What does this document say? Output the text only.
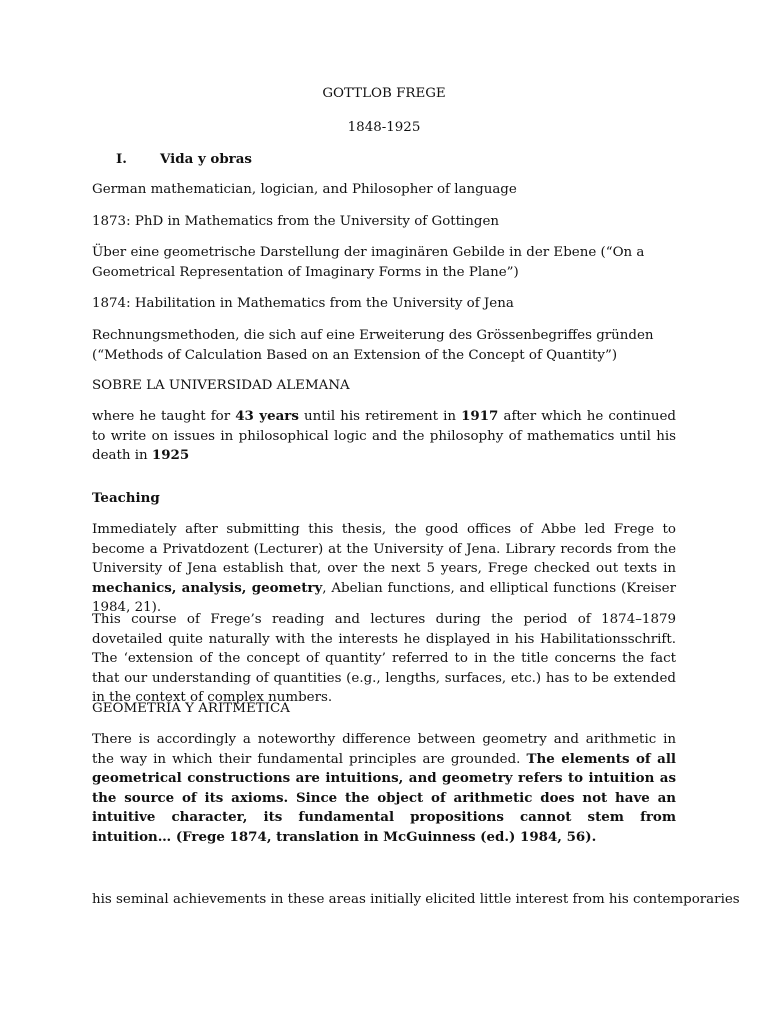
GOTTLOB FREGE
1848-1925
I. Vida y obras
German mathematician, logician, and Philosopher of language
1873: PhD in Mathematics from the University of Gottingen
Über eine geometrische Darstellung der imaginären Gebilde in der Ebene (“On a Geometrical Representation of Imaginary Forms in the Plane”)
1874: Habilitation in Mathematics from the University of Jena
Rechnungsmethoden, die sich auf eine Erweiterung des Grössenbegriffes gründen (“Methods of Calculation Based on an Extension of the Concept of Quantity”)
SOBRE LA UNIVERSIDAD ALEMANA
where he taught for 43 years until his retirement in 1917 after which he continued to write on issues in philosophical logic and the philosophy of mathematics until his death in 1925
Teaching
Immediately after submitting this thesis, the good offices of Abbe led Frege to become a Privatdozent (Lecturer) at the University of Jena. Library records from the University of Jena establish that, over the next 5 years, Frege checked out texts in mechanics, analysis, geometry, Abelian functions, and elliptical functions (Kreiser 1984, 21).
This course of Frege’s reading and lectures during the period of 1874–1879 dovetailed quite naturally with the interests he displayed in his Habilitationsschrift. The ‘extension of the concept of quantity’ referred to in the title concerns the fact that our understanding of quantities (e.g., lengths, surfaces, etc.) has to be extended in the context of complex numbers.
GEOMETRÍA Y ARITMÉTICA
There is accordingly a noteworthy difference between geometry and arithmetic in the way in which their fundamental principles are grounded. The elements of all geometrical constructions are intuitions, and geometry refers to intuition as the source of its axioms. Since the object of arithmetic does not have an intuitive character, its fundamental propositions cannot stem from intuition… (Frege 1874, translation in McGuinness (ed.) 1984, 56).
his seminal achievements in these areas initially elicited little interest from his contemporaries
